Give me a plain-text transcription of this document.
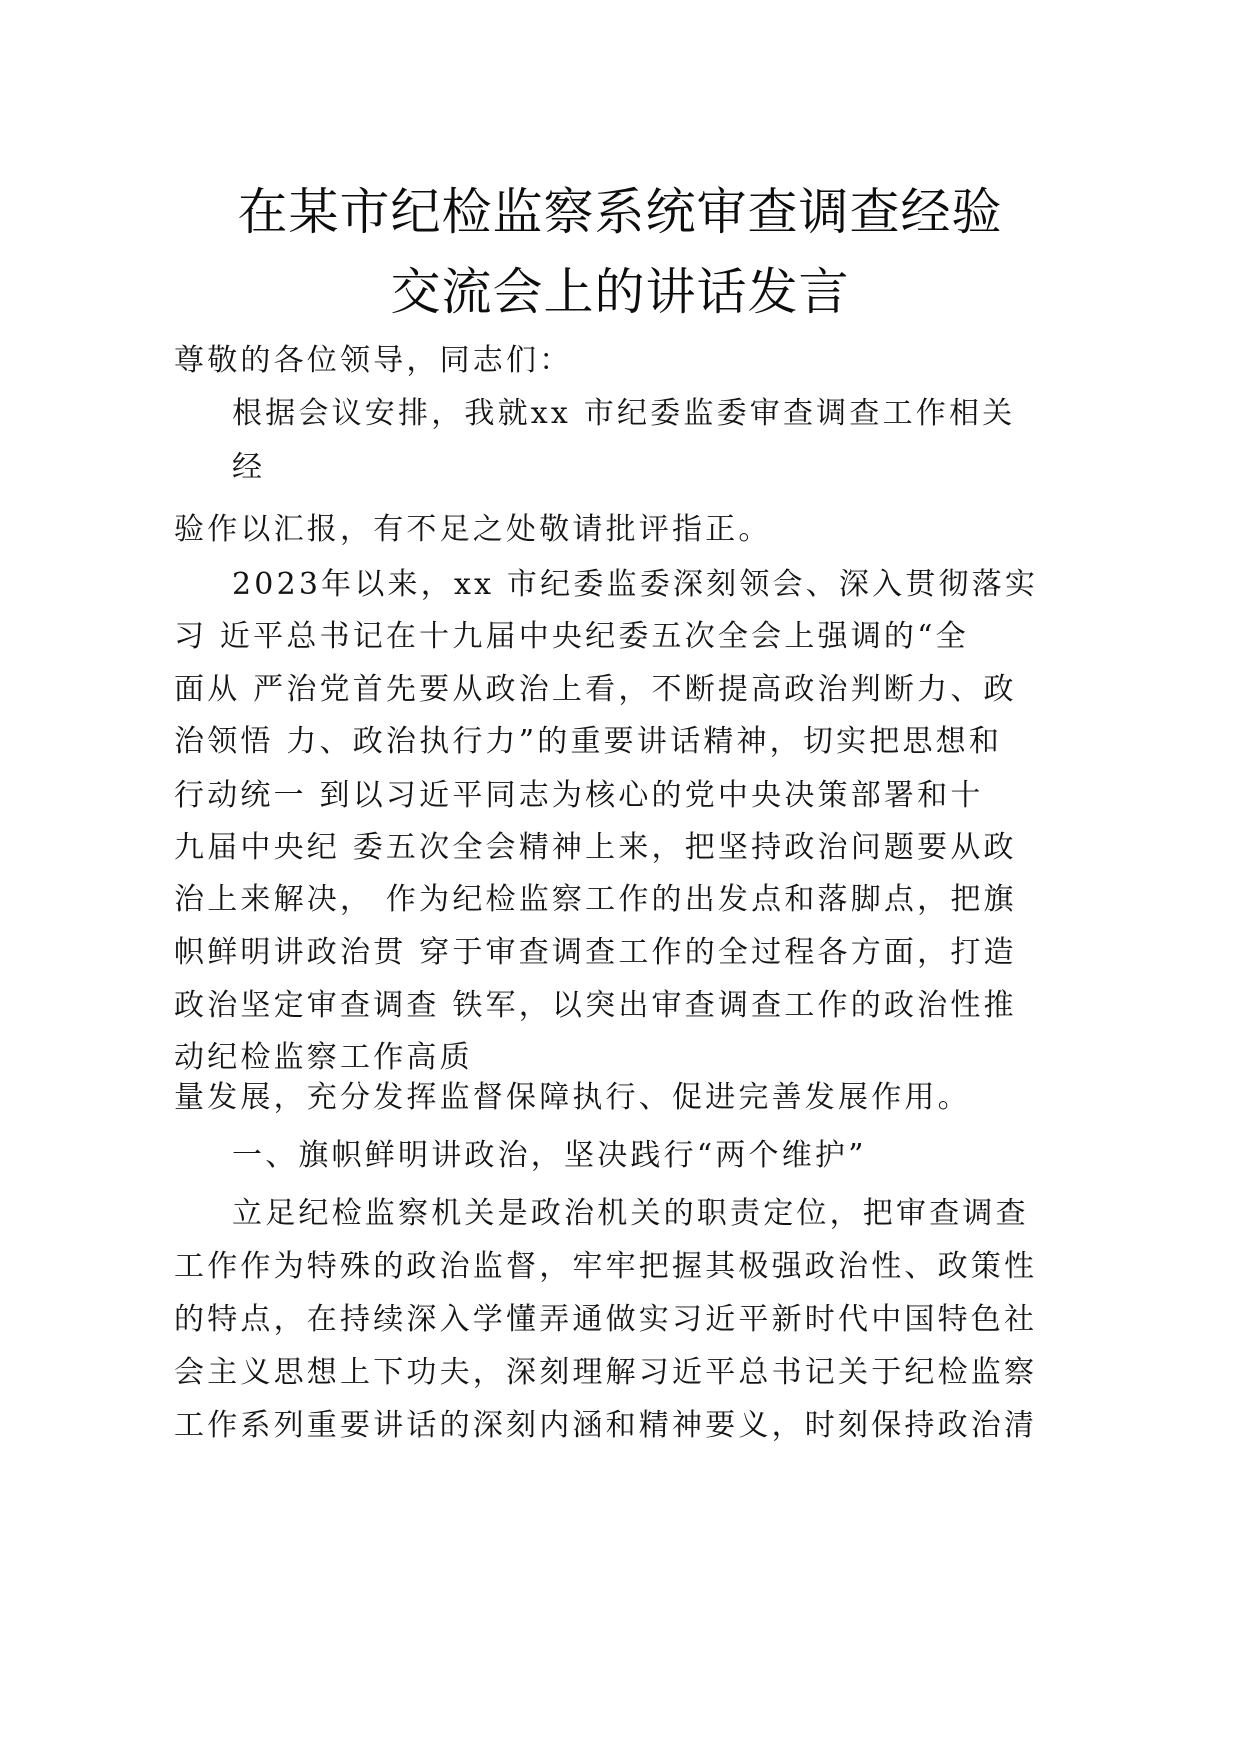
在某市纪检监察系统审查调查经验
交流会上的讲话发言
尊敬的各位领导，同志们：
根据会议安排，我就xx 市纪委监委审查调查工作相关
经
验作以汇报，有不足之处敬请批评指正。
2023年以来，xx 市纪委监委深刻领会、深入贯彻落实
习 近平总书记在十九届中央纪委五次全会上强调的“全
面从 严治党首先要从政治上看，不断提高政治判断力、政
治领悟 力、政治执行力”的重要讲话精神，切实把思想和
行动统一 到以习近平同志为核心的党中央决策部署和十
九届中央纪 委五次全会精神上来，把坚持政治问题要从政
治上来解决， 作为纪检监察工作的出发点和落脚点，把旗
帜鲜明讲政治贯 穿于审查调查工作的全过程各方面，打造
政治坚定审查调查 铁军，以突出审查调查工作的政治性推
动纪检监察工作高质
量发展，充分发挥监督保障执行、促进完善发展作用。
一、旗帜鲜明讲政治，坚决践行“两个维护”
立足纪检监察机关是政治机关的职责定位，把审查调查
工作作为特殊的政治监督，牢牢把握其极强政治性、政策性
的特点，在持续深入学懂弄通做实习近平新时代中国特色社
会主义思想上下功夫，深刻理解习近平总书记关于纪检监察
工作系列重要讲话的深刻内涵和精神要义，时刻保持政治清
